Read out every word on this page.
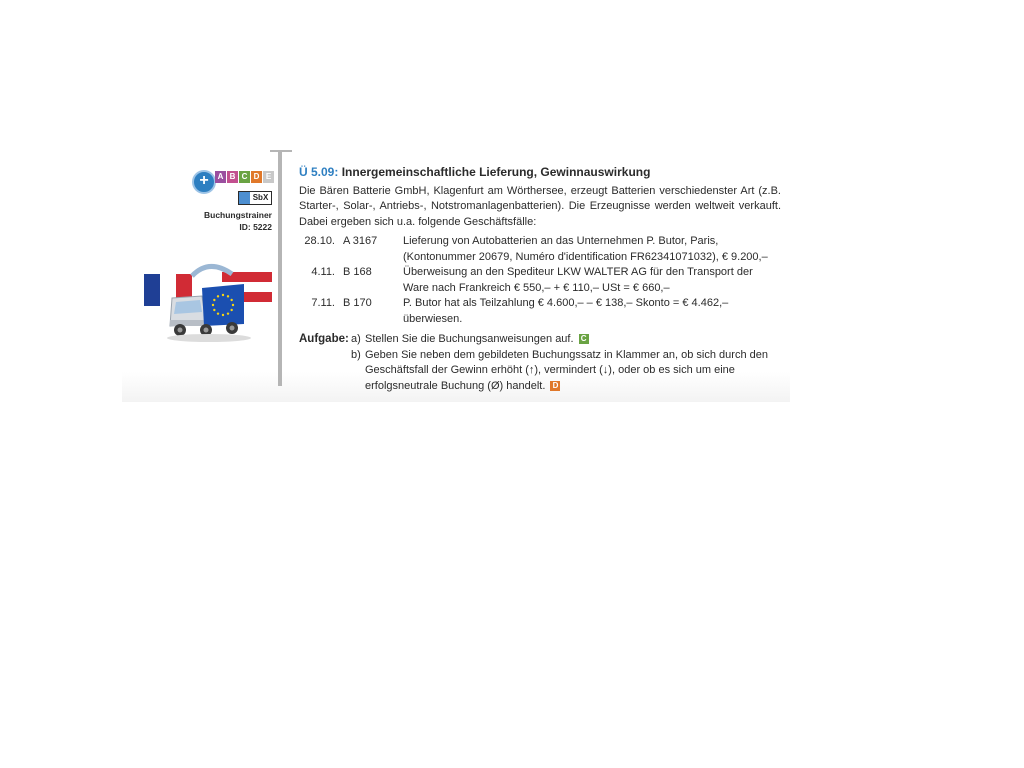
+	A B C D E
SbX
Buchungstrainer
ID: 5222
Ü 5.09: Innergemeinschaftliche Lieferung, Gewinnauswirkung

Die Bären Batterie GmbH, Klagenfurt am Wörthersee, erzeugt Batterien verschiedenster Art (z.B. Starter-, Solar-, Antriebs-, Notstromanlagenbatterien). Die Erzeugnisse werden weltweit verkauft. Dabei ergeben sich u.a. folgende Geschäftsfälle:

28.10. A 3167	Lieferung von Autobatterien an das Unternehmen P. Butor, Paris, (Kontonummer 20679, Numéro d'identification FR62341071032), € 9.200,–
4.11. B 168	Überweisung an den Spediteur LKW WALTER AG für den Transport der Ware nach Frankreich € 550,– + € 110,– USt = € 660,–
7.11. B 170	P. Butor hat als Teilzahlung € 4.600,– – € 138,– Skonto = € 4.462,– überwiesen.
Aufgabe: a) Stellen Sie die Buchungsanweisungen auf. C
b) Geben Sie neben dem gebildeten Buchungssatz in Klammer an, ob sich durch den Geschäftsfall der Gewinn erhöht (↑), vermindert (↓), oder ob es sich um eine erfolgsneutrale Buchung (Ø) handelt. D
